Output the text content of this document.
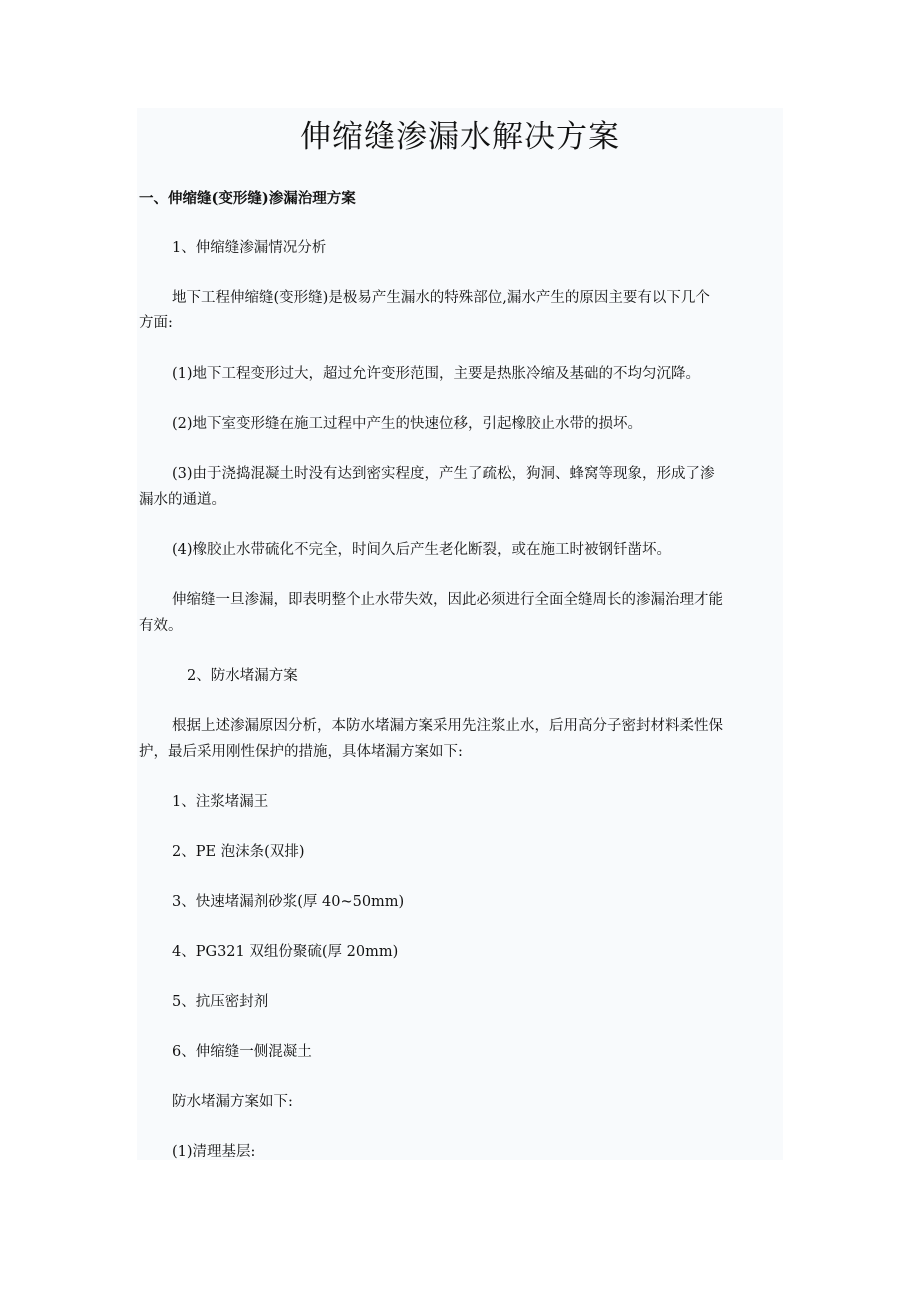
伸缩缝渗漏水解决方案
一、伸缩缝(变形缝)渗漏治理方案
1、伸缩缝渗漏情况分析
地下工程伸缩缝(变形缝)是极易产生漏水的特殊部位,漏水产生的原因主要有以下几个
方面:
(1)地下工程变形过大，超过允许变形范围，主要是热胀冷缩及基础的不均匀沉降。
(2)地下室变形缝在施工过程中产生的快速位移，引起橡胶止水带的损坏。
(3)由于浇捣混凝土时没有达到密实程度，产生了疏松，狗洞、蜂窝等现象，形成了渗
漏水的通道。
(4)橡胶止水带硫化不完全，时间久后产生老化断裂，或在施工时被钢钎凿坏。
伸缩缝一旦渗漏，即表明整个止水带失效，因此必须进行全面全缝周长的渗漏治理才能
有效。
2、防水堵漏方案
根据上述渗漏原因分析，本防水堵漏方案采用先注浆止水，后用高分子密封材料柔性保
护，最后采用刚性保护的措施，具体堵漏方案如下:
1、注浆堵漏王
2、PE 泡沫条(双排)
3、快速堵漏剂砂浆(厚 40~50mm)
4、PG321 双组份聚硫(厚 20mm)
5、抗压密封剂
6、伸缩缝一侧混凝土
防水堵漏方案如下:
(1)清理基层:
